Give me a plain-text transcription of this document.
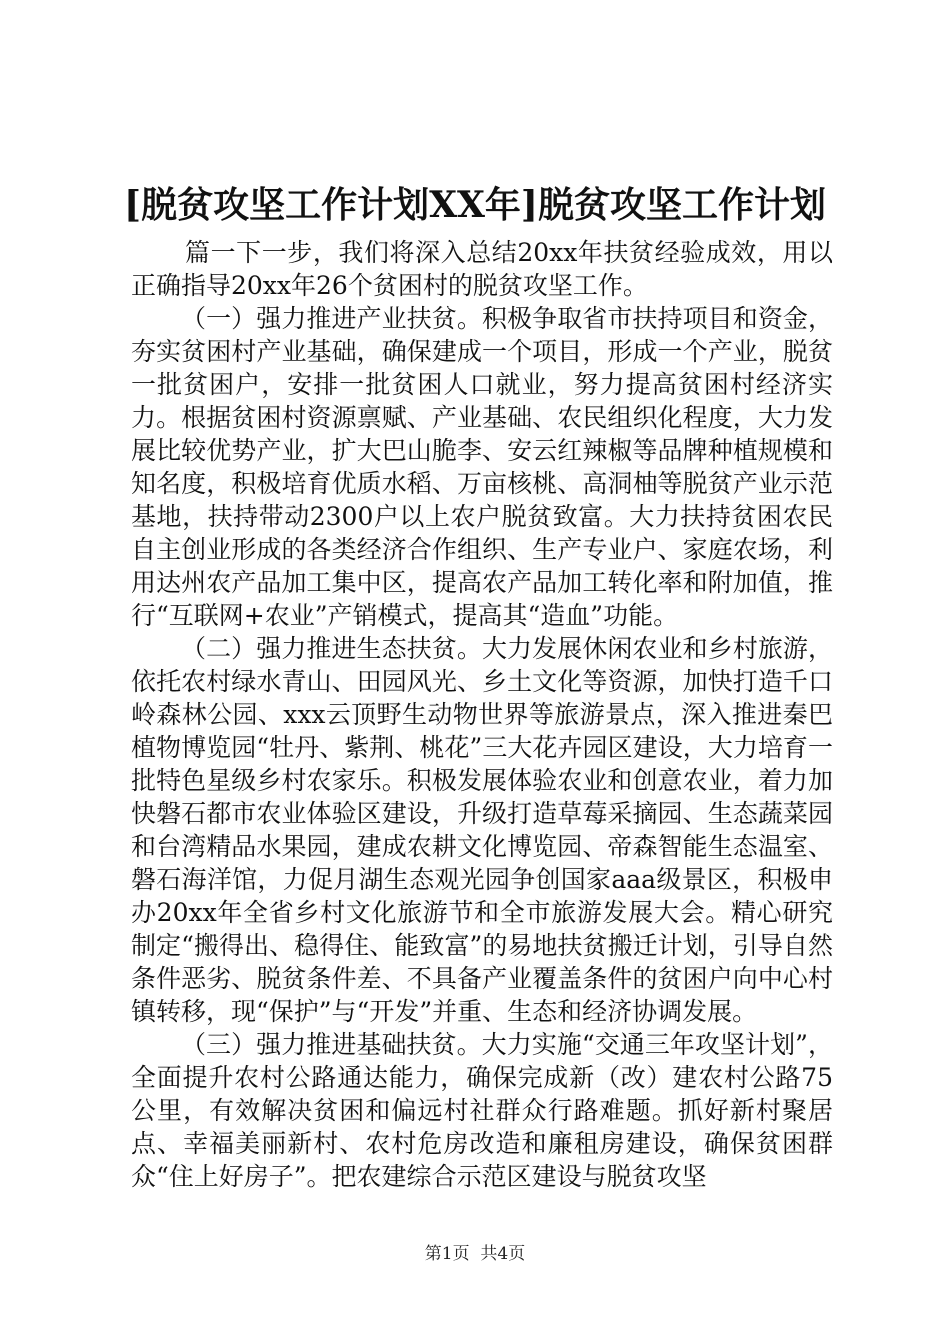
[脱贫攻坚工作计划XX年]脱贫攻坚工作计划

篇一下一步，我们将深入总结20xx年扶贫经验成效，用以正确指导20xx年26个贫困村的脱贫攻坚工作。

（一）强力推进产业扶贫。积极争取省市扶持项目和资金，夯实贫困村产业基础，确保建成一个项目，形成一个产业，脱贫一批贫困户，安排一批贫困人口就业，努力提高贫困村经济实力。根据贫困村资源禀赋、产业基础、农民组织化程度，大力发展比较优势产业，扩大巴山脆李、安云红辣椒等品牌种植规模和知名度，积极培育优质水稻、万亩核桃、高洞柚等脱贫产业示范基地，扶持带动2300户以上农户脱贫致富。大力扶持贫困农民自主创业形成的各类经济合作组织、生产专业户、家庭农场，利用达州农产品加工集中区，提高农产品加工转化率和附加值，推行“互联网+农业”产销模式，提高其“造血”功能。

（二）强力推进生态扶贫。大力发展休闲农业和乡村旅游，依托农村绿水青山、田园风光、乡土文化等资源，加快打造千口岭森林公园、xxx云顶野生动物世界等旅游景点，深入推进秦巴植物博览园“牡丹、紫荆、桃花”三大花卉园区建设，大力培育一批特色星级乡村农家乐。积极发展体验农业和创意农业，着力加快磐石都市农业体验区建设，升级打造草莓采摘园、生态蔬菜园和台湾精品水果园，建成农耕文化博览园、帝森智能生态温室、磐石海洋馆，力促月湖生态观光园争创国家aaa级景区，积极申办20xx年全省乡村文化旅游节和全市旅游发展大会。精心研究制定“搬得出、稳得住、能致富”的易地扶贫搬迁计划，引导自然条件恶劣、脱贫条件差、不具备产业覆盖条件的贫困户向中心村镇转移，现“保护”与“开发”并重、生态和经济协调发展。

（三）强力推进基础扶贫。大力实施“交通三年攻坚计划”，全面提升农村公路通达能力，确保完成新（改）建农村公路75公里，有效解决贫困和偏远村社群众行路难题。抓好新村聚居点、幸福美丽新村、农村危房改造和廉租房建设，确保贫困群众“住上好房子”。把农建综合示范区建设与脱贫攻坚

第1页  共4页
